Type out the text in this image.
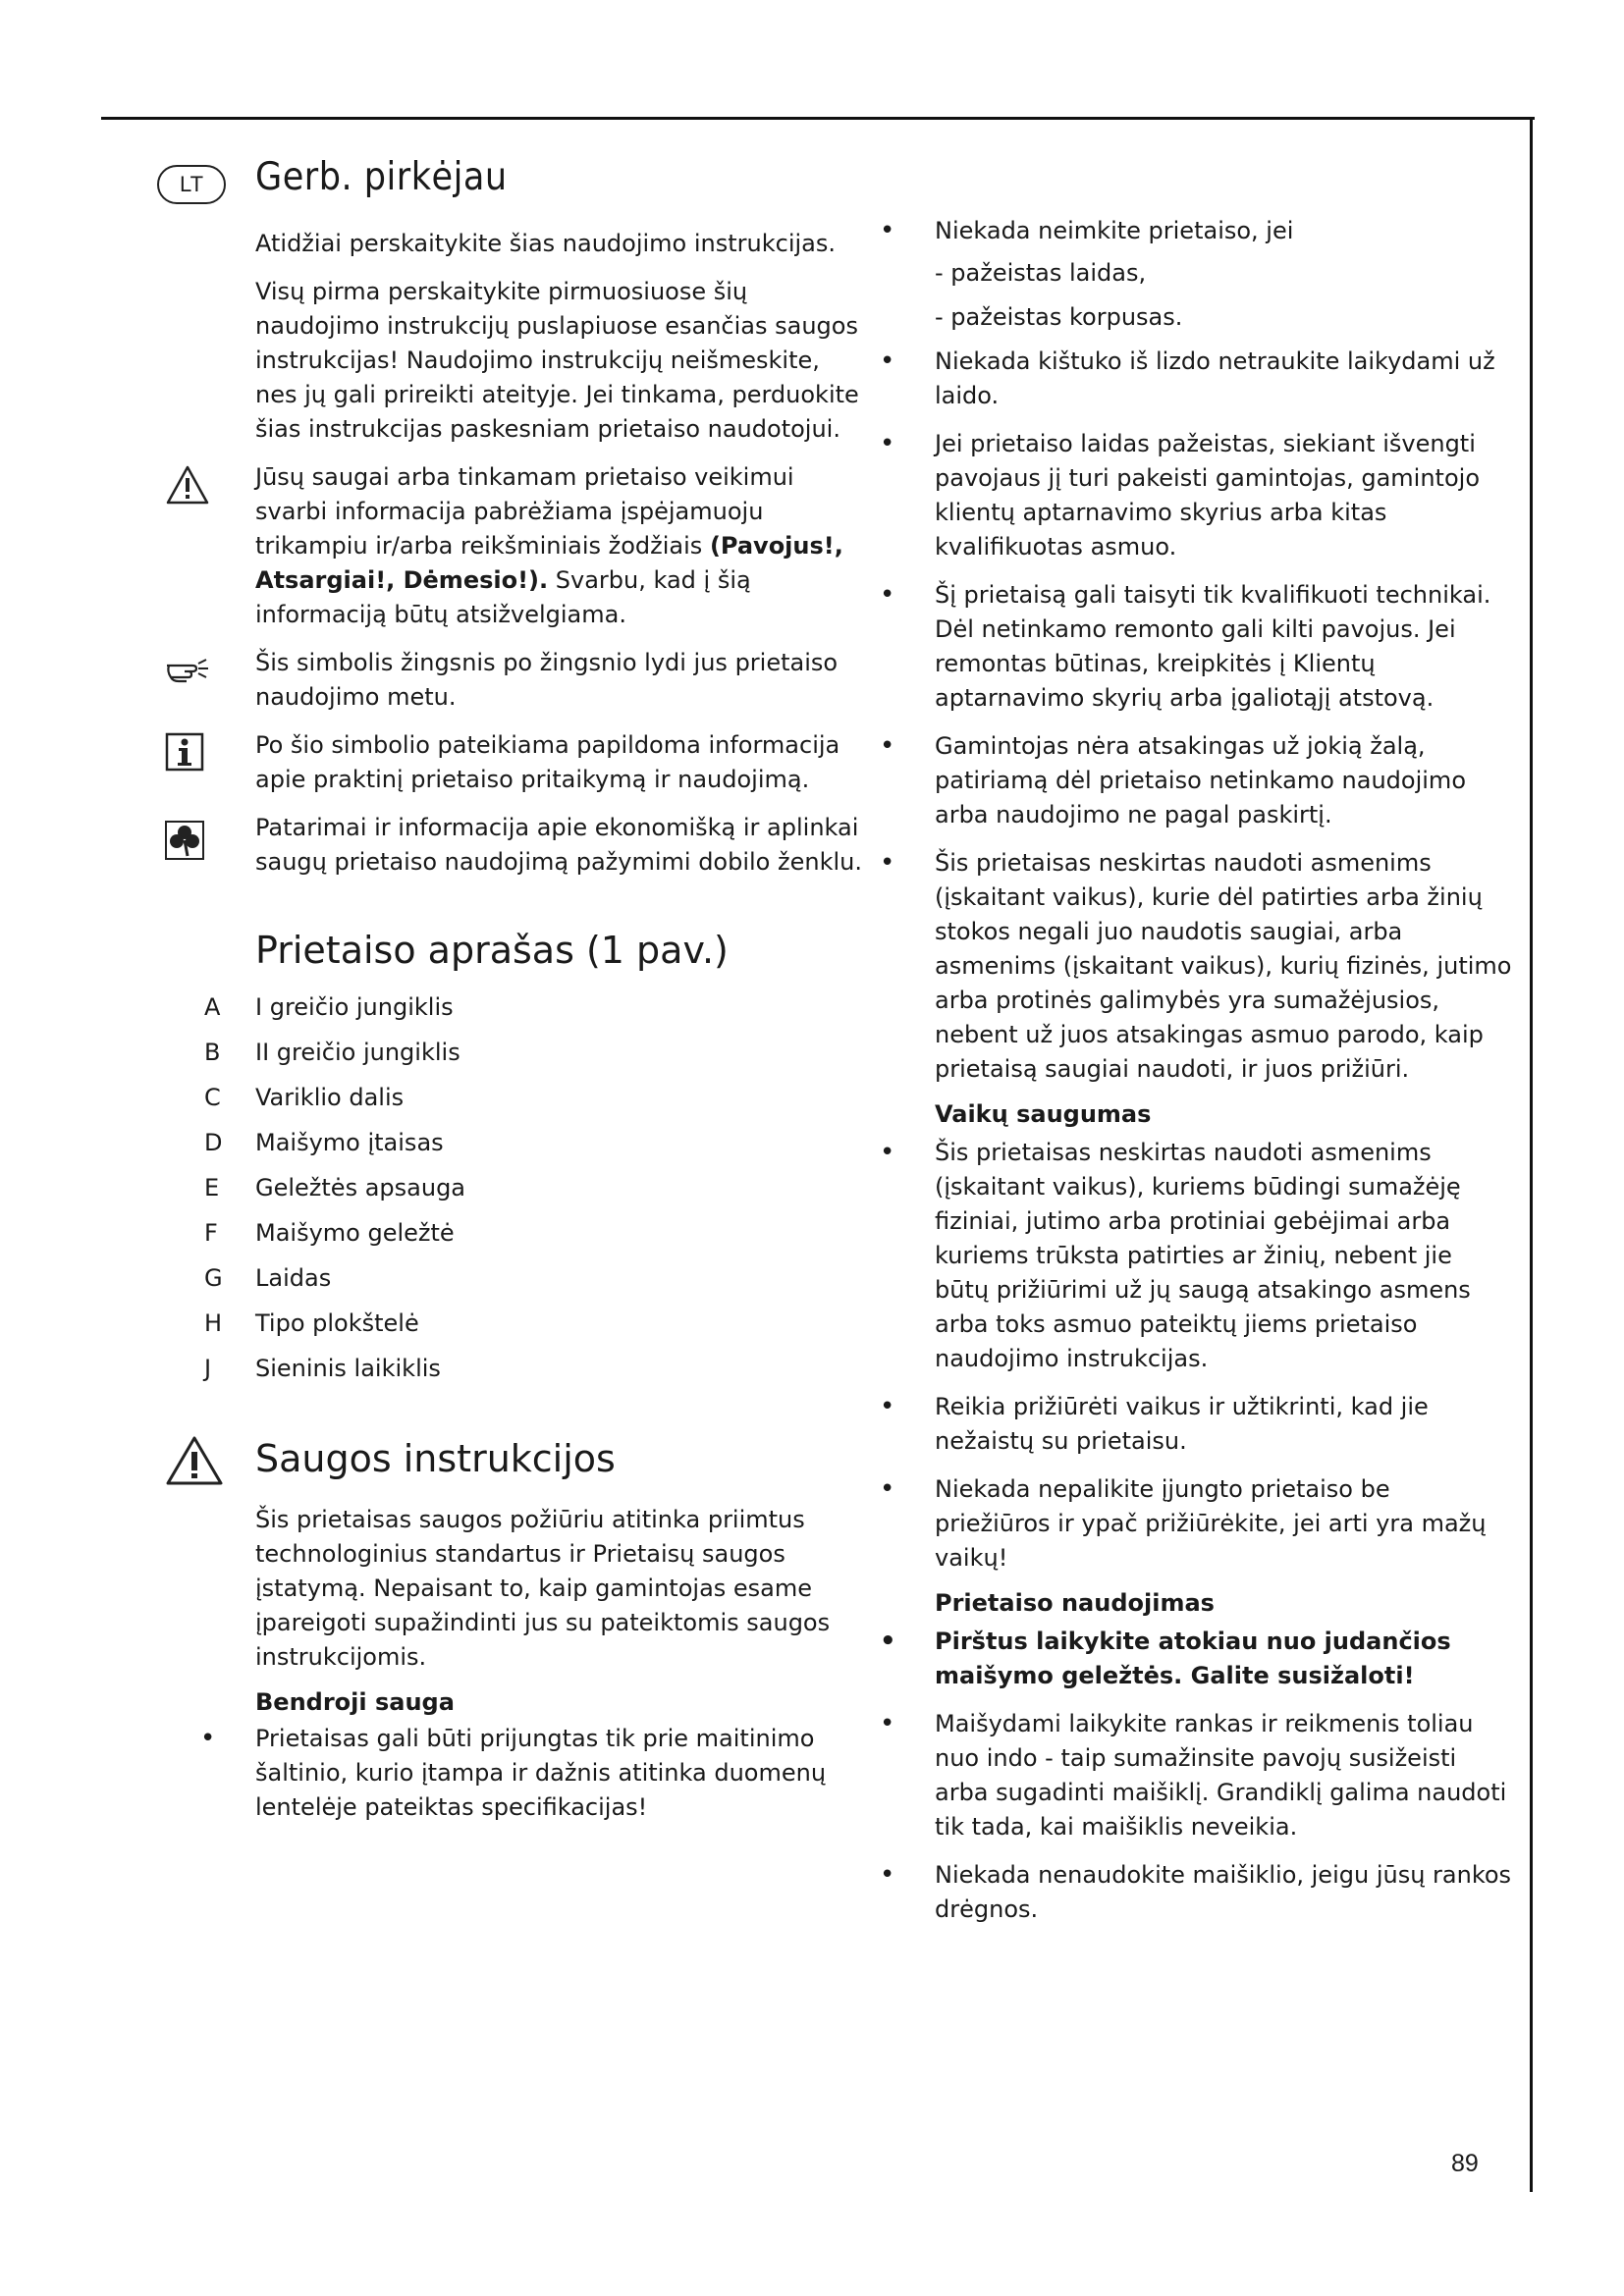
LT	Gerb. pirkėjau

Atidžiai perskaitykite šias naudojimo instrukcijas.

Visų pirma perskaitykite pirmuosiuose šių naudojimo instrukcijų puslapiuose esančias saugos instrukcijas! Naudojimo instrukcijų neišmeskite, nes jų gali prireikti ateityje. Jei tinkama, perduokite šias instrukcijas paskesniam prietaiso naudotojui.

Jūsų saugai arba tinkamam prietaiso veikimui svarbi informacija pabrėžiama įspėjamuoju trikampiu ir/arba reikšminiais žodžiais (Pavojus!, Atsargiai!, Dėmesio!). Svarbu, kad į šią informaciją būtų atsižvelgiama.

Šis simbolis žingsnis po žingsnio lydi jus prietaiso naudojimo metu.

Po šio simbolio pateikiama papildoma informacija apie praktinį prietaiso pritaikymą ir naudojimą.

Patarimai ir informacija apie ekonomišką ir aplinkai saugų prietaiso naudojimą pažymimi dobilo ženklu.

Prietaiso aprašas (1 pav.)
A	I greičio jungiklis
B	II greičio jungiklis
C	Variklio dalis
D	Maišymo įtaisas
E	Geležtės apsauga
F	Maišymo geležtė
G	Laidas
H	Tipo plokštelė
J	Sieninis laikiklis
Saugos instrukcijos

Šis prietaisas saugos požiūriu atitinka priimtus technologinius standartus ir Prietaisų saugos įstatymą. Nepaisant to, kaip gamintojas esame įpareigoti supažindinti jus su pateiktomis saugos instrukcijomis.

Bendroji sauga

• Prietaisas gali būti prijungtas tik prie maitinimo šaltinio, kurio įtampa ir dažnis atitinka duomenų lentelėje pateiktas specifikacijas!

• Niekada neimkite prietaiso, jei

- pažeistas laidas,

- pažeistas korpusas.

• Niekada kištuko iš lizdo netraukite laikydami už laido.

• Jei prietaiso laidas pažeistas, siekiant išvengti pavojaus jį turi pakeisti gamintojas, gamintojo klientų aptarnavimo skyrius arba kitas kvalifikuotas asmuo.

• Šį prietaisą gali taisyti tik kvalifikuoti technikai. Dėl netinkamo remonto gali kilti pavojus. Jei remontas būtinas, kreipkitės į Klientų aptarnavimo skyrių arba įgaliotąjį atstovą.

• Gamintojas nėra atsakingas už jokią žalą, patiriamą dėl prietaiso netinkamo naudojimo arba naudojimo ne pagal paskirtį.

• Šis prietaisas neskirtas naudoti asmenims (įskaitant vaikus), kurie dėl patirties arba žinių stokos negali juo naudotis saugiai, arba asmenims (įskaitant vaikus), kurių fizinės, jutimo arba protinės galimybės yra sumažėjusios, nebent už juos atsakingas asmuo parodo, kaip prietaisą saugiai naudoti, ir juos prižiūri.

Vaikų saugumas

• Šis prietaisas neskirtas naudoti asmenims (įskaitant vaikus), kuriems būdingi sumažėję fiziniai, jutimo arba protiniai gebėjimai arba kuriems trūksta patirties ar žinių, nebent jie būtų prižiūrimi už jų saugą atsakingo asmens arba toks asmuo pateiktų jiems prietaiso naudojimo instrukcijas.

• Reikia prižiūrėti vaikus ir užtikrinti, kad jie nežaistų su prietaisu.

• Niekada nepalikite įjungto prietaiso be priežiūros ir ypač prižiūrėkite, jei arti yra mažų vaikų!

Prietaiso naudojimas

• Pirštus laikykite atokiau nuo judančios maišymo geležtės. Galite susižaloti!

• Maišydami laikykite rankas ir reikmenis toliau nuo indo - taip sumažinsite pavojų susižeisti arba sugadinti maišiklį. Grandiklį galima naudoti tik tada, kai maišiklis neveikia.

• Niekada nenaudokite maišiklio, jeigu jūsų rankos drėgnos.

89
